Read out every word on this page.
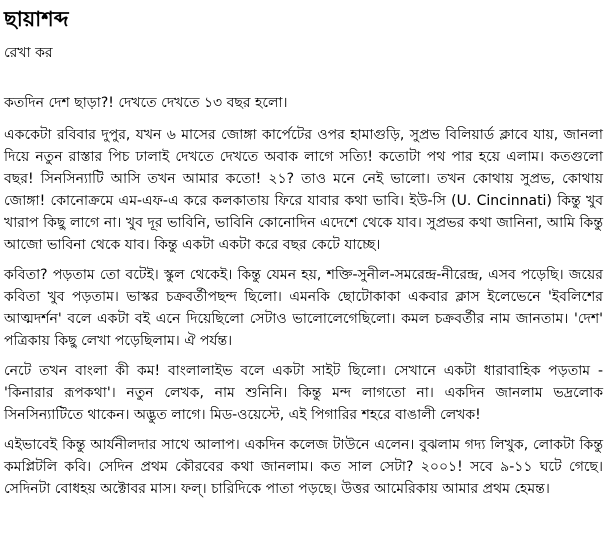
ছায়াশব্দ
রেখা কর

কতদিন দেশ ছাড়া?! দেখতে দেখতে ১৩ বছর হলো।

এককেটা রবিবার দুপুর, যখন ৬ মাসের জোঙ্গা কার্পেটের ওপর হামাগুড়ি, সুপ্রভ বিলিয়ার্ড ক্লাবে যায়, জানলা দিয়ে নতুন রাস্তার পিচ ঢালাই দেখতে দেখতে অবাক লাগে সত্যি! কতোটা পথ পার হয়ে এলাম। কতগুলো বছর! সিনসিন্যাটি আসি তখন আমার কতো! ২১? তাও মনে নেই ভালো। তখন কোথায় সুপ্রভ, কোথায় জোঙ্গা! কোনোক্রমে এম-এফ-এ করে কলকাতায় ফিরে যাবার কথা ভাবি। ইউ-সি (U. Cincinnati) কিন্তু খুব খারাপ কিছু লাগে না। খুব দূর ভাবিনি, ভাবিনি কোনোদিন এদেশে থেকে যাব। সুপ্রভর কথা জানিনা, আমি কিন্তু আজো ভাবিনা থেকে যাব। কিন্তু একটা একটা করে বছর কেটে যাচ্ছে।

কবিতা? পড়তাম তো বটেই। স্কুল থেকেই। কিন্তু যেমন হয়, শক্তি-সুনীল-সমরেন্দ্র-নীরেন্দ্র, এসব পড়েছি। জয়ের কবিতা খুব পড়তাম। ভাস্কর চক্রবর্তীপছন্দ ছিলো। এমনকি ছোটোকাকা একবার ক্লাস ইলেভেনে 'ইবলিশের আত্মদর্শন' বলে একটা বই এনে দিয়েছিলো সেটাও ভালোলেগেছিলো। কমল চক্রবর্তীর নাম জানতাম। 'দেশ' পত্রিকায় কিছু লেখা পড়েছিলাম। ঐ পর্যন্ত।

নেটে তখন বাংলা কী কম! বাংলালাইভ বলে একটা সাইট ছিলো। সেখানে একটা ধারাবাহিক পড়তাম - 'কিনারার রূপকথা'। নতুন লেখক, নাম শুনিনি। কিন্তু মন্দ লাগতো না। একদিন জানলাম ভদ্রলোক সিনসিন্যাটিতে থাকেন। অদ্ভুত লাগে। মিড-ওয়েস্টে, এই পিগারির শহরে বাঙালী লেখক!

এইভাবেই কিন্তু আর্যনীলদার সাথে আলাপ। একদিন কলেজ টাউনে এলেন। বুঝলাম গদ্য লিখুক, লোকটা কিন্তু কমপ্লিটলি কবি। সেদিন প্রথম কৌরবের কথা জানলাম। কত সাল সেটা? ২০০১! সবে ৯-১১ ঘটে গেছে। সেদিনটা বোধহয় অক্টোবর মাস। ফল্। চারিদিকে পাতা পড়ছে। উত্তর আমেরিকায় আমার প্রথম হেমন্ত।
